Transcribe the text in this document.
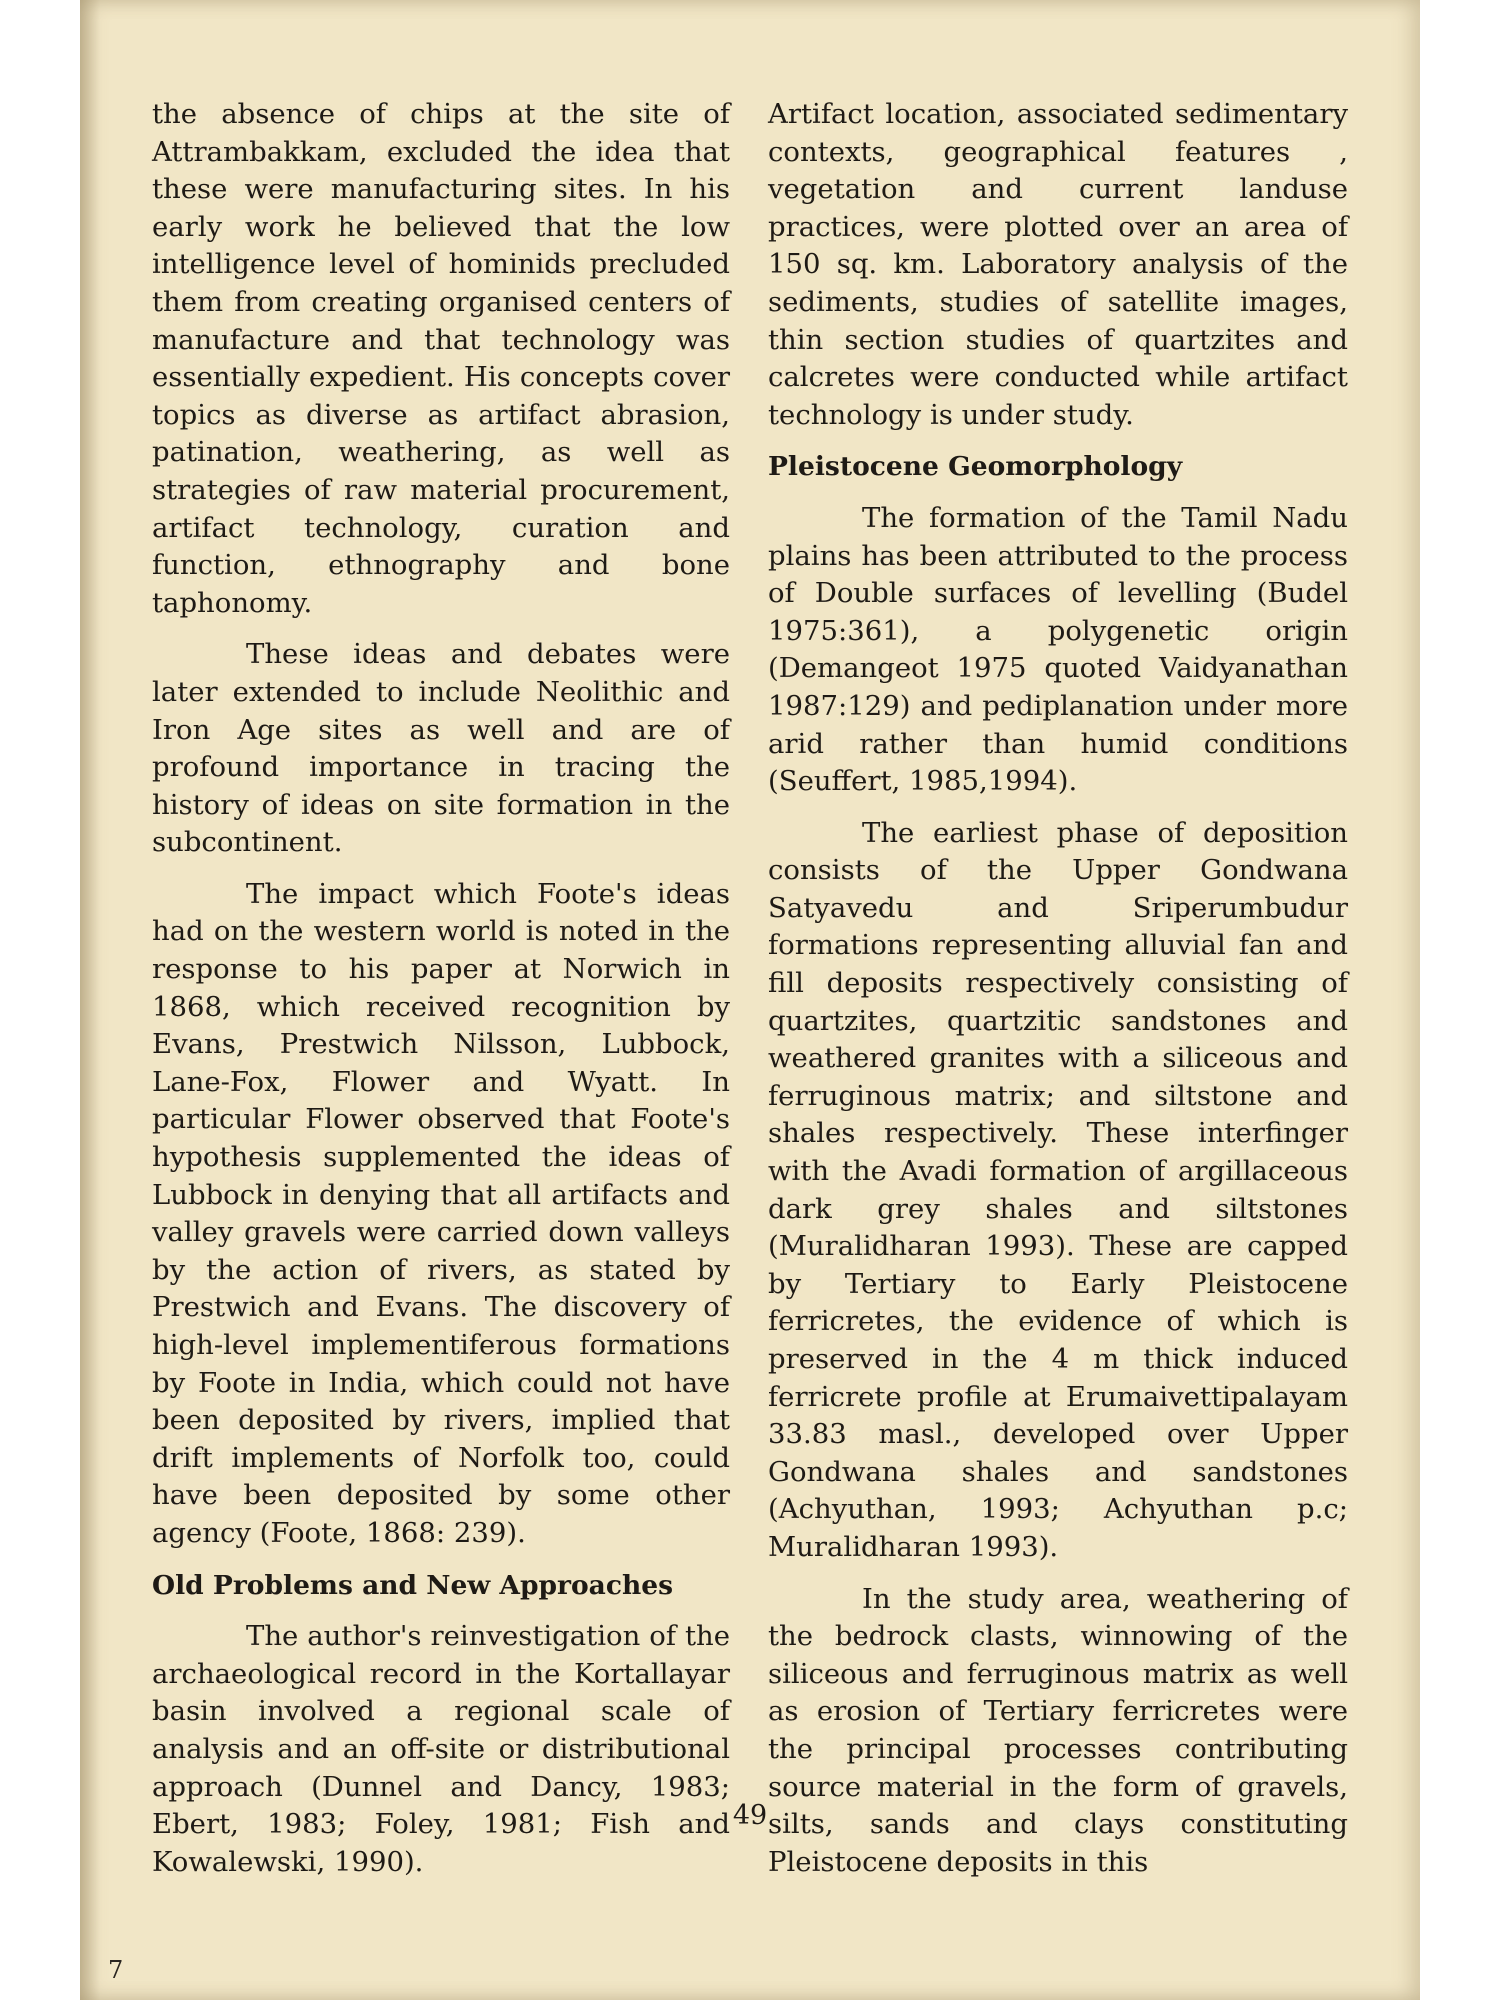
the absence of chips at the site of Attrambakkam, excluded the idea that these were manufacturing sites. In his early work he believed that the low intelligence level of hominids precluded them from creating organised centers of manufacture and that technology was essentially expedient. His concepts cover topics as diverse as artifact abrasion, patination, weathering, as well as strategies of raw material procurement, artifact technology, curation and function, ethnography and bone taphonomy.

These ideas and debates were later extended to include Neolithic and Iron Age sites as well and are of profound importance in tracing the history of ideas on site formation in the subcontinent.

The impact which Foote's ideas had on the western world is noted in the response to his paper at Norwich in 1868, which received recognition by Evans, Prestwich Nilsson, Lubbock, Lane-Fox, Flower and Wyatt. In particular Flower observed that Foote's hypothesis supplemented the ideas of Lubbock in denying that all artifacts and valley gravels were carried down valleys by the action of rivers, as stated by Prestwich and Evans. The discovery of high-level implementiferous formations by Foote in India, which could not have been deposited by rivers, implied that drift implements of Norfolk too, could have been deposited by some other agency (Foote, 1868: 239).

Old Problems and New Approaches

The author's reinvestigation of the archaeological record in the Kortallayar basin involved a regional scale of analysis and an off-site or distributional approach (Dunnel and Dancy, 1983; Ebert, 1983; Foley, 1981; Fish and Kowalewski, 1990).

Artifact location, associated sedimentary contexts, geographical features , vegetation and current landuse practices, were plotted over an area of 150 sq. km. Laboratory analysis of the sediments, studies of satellite images, thin section studies of quartzites and calcretes were conducted while artifact technology is under study.

Pleistocene Geomorphology

The formation of the Tamil Nadu plains has been attributed to the process of Double surfaces of levelling (Budel 1975:361), a polygenetic origin (Demangeot 1975 quoted Vaidyanathan 1987:129) and pediplanation under more arid rather than humid conditions (Seuffert, 1985,1994).

The earliest phase of deposition consists of the Upper Gondwana Satyavedu and Sriperumbudur formations representing alluvial fan and fill deposits respectively consisting of quartzites, quartzitic sandstones and weathered granites with a siliceous and ferruginous matrix; and siltstone and shales respectively. These interfinger with the Avadi formation of argillaceous dark grey shales and siltstones (Muralidharan 1993). These are capped by Tertiary to Early Pleistocene ferricretes, the evidence of which is preserved in the 4 m thick induced ferricrete profile at Erumaivettipalayam 33.83 masl., developed over Upper Gondwana shales and sandstones (Achyuthan, 1993; Achyuthan p.c; Muralidharan 1993).

In the study area, weathering of the bedrock clasts, winnowing of the siliceous and ferruginous matrix as well as erosion of Tertiary ferricretes were the principal processes contributing source material in the form of gravels, silts, sands and clays constituting Pleistocene deposits in this

49
7
